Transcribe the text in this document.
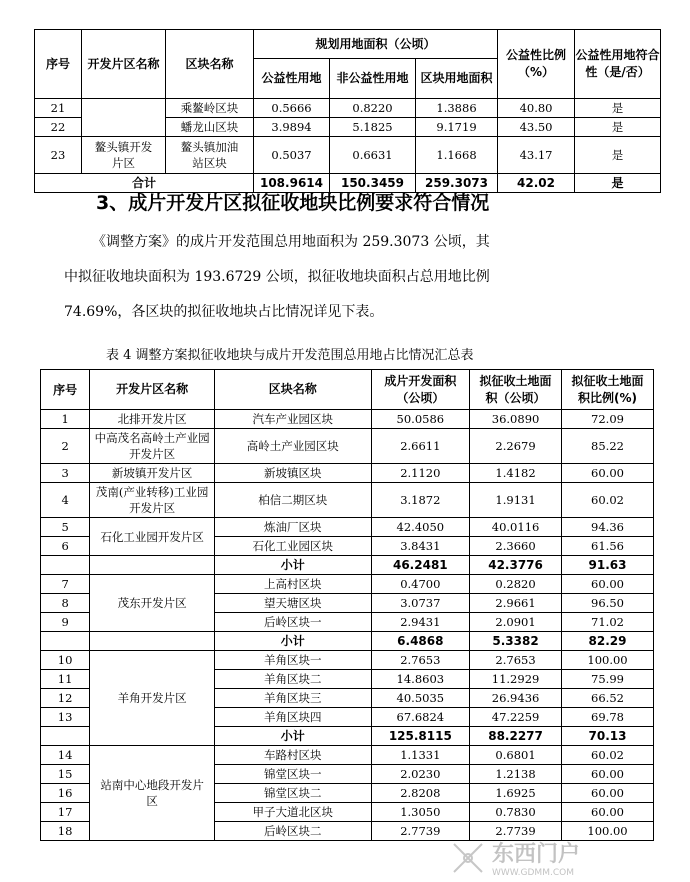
序号	开发片区名称	区块名称	规划用地面积（公顷）			公益性比例（%）	公益性用地符合性（是/否）
			公益性用地	非公益性用地	区块用地面积		
21		乘鳌岭区块	0.5666	0.8220	1.3886	40.80	是
22		蟠龙山区块	3.9894	5.1825	9.1719	43.50	是
23	鳌头镇开发片区	鳌头镇加油站区块	0.5037	0.6631	1.1668	43.17	是
合计			108.9614	150.3459	259.3073	42.02	是
3、成片开发片区拟征收地块比例要求符合情况
《调整方案》的成片开发范围总用地面积为 259.3073 公顷，其
中拟征收地块面积为 193.6729 公顷，拟征收地块面积占总用地比例
74.69%，各区块的拟征收地块占比情况详见下表。
表 4 调整方案拟征收地块与成片开发范围总用地占比情况汇总表
序号	开发片区名称	区块名称	成片开发面积（公顷）	拟征收土地面积（公顷）	拟征收土地面积比例(%)
1	北排开发片区	汽车产业园区块	50.0586	36.0890	72.09
2	中高茂名高岭土产业园开发片区	高岭土产业园区块	2.6611	2.2679	85.22
3	新坡镇开发片区	新坡镇区块	2.1120	1.4182	60.00
4	茂南(产业转移)工业园开发片区	柏信二期区块	3.1872	1.9131	60.02
5	石化工业园开发片区	炼油厂区块	42.4050	40.0116	94.36
6		石化工业园区块	3.8431	2.3660	61.56
		小计	46.2481	42.3776	91.63
7	茂东开发片区	上高村区块	0.4700	0.2820	60.00
8		望天塘区块	3.0737	2.9661	96.50
9		后岭区块一	2.9431	2.0901	71.02
		小计	6.4868	5.3382	82.29
10	羊角开发片区	羊角区块一	2.7653	2.7653	100.00
11		羊角区块二	14.8603	11.2929	75.99
12		羊角区块三	40.5035	26.9436	66.52
13		羊角区块四	67.6824	47.2259	69.78
		小计	125.8115	88.2277	70.13
14	站南中心地段开发片区	车路村区块	1.1331	0.6801	60.02
15		锦堂区块一	2.0230	1.2138	60.00
16		锦堂区块二	2.8208	1.6925	60.00
17		甲子大道北区块	1.3050	0.7830	60.00
18		后岭区块二	2.7739	2.7739	100.00
东西门户
WWW.GDMM.COM
